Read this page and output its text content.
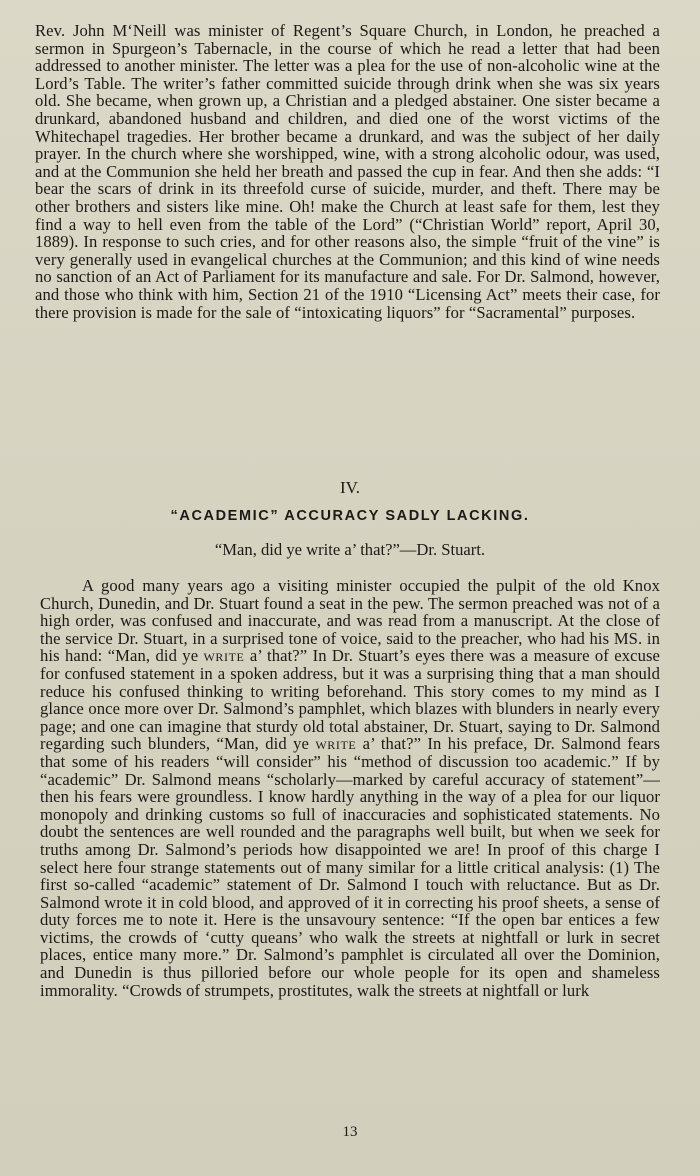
Rev. John M‘Neill was minister of Regent’s Square Church, in London, he preached a sermon in Spurgeon’s Tabernacle, in the course of which he read a letter that had been addressed to another minister. The letter was a plea for the use of non-alcoholic wine at the Lord’s Table. The writer’s father committed suicide through drink when she was six years old. She became, when grown up, a Christian and a pledged abstainer. One sister became a drunkard, abandoned husband and children, and died one of the worst victims of the Whitechapel tragedies. Her brother became a drunkard, and was the subject of her daily prayer. In the church where she worshipped, wine, with a strong alcoholic odour, was used, and at the Communion she held her breath and passed the cup in fear. And then she adds: “I bear the scars of drink in its threefold curse of suicide, murder, and theft. There may be other brothers and sisters like mine. Oh! make the Church at least safe for them, lest they find a way to hell even from the table of the Lord” (“Christian World” report, April 30, 1889). In response to such cries, and for other reasons also, the simple “fruit of the vine” is very generally used in evangelical churches at the Communion; and this kind of wine needs no sanction of an Act of Parliament for its manufacture and sale. For Dr. Salmond, however, and those who think with him, Section 21 of the 1910 “Licensing Act” meets their case, for there provision is made for the sale of “intoxicating liquors” for “Sacramental” purposes.

IV.

“ACADEMIC” ACCURACY SADLY LACKING.

“Man, did ye write a’ that?”—Dr. Stuart.

A good many years ago a visiting minister occupied the pulpit of the old Knox Church, Dunedin, and Dr. Stuart found a seat in the pew. The sermon preached was not of a high order, was confused and inaccurate, and was read from a manuscript. At the close of the service Dr. Stuart, in a surprised tone of voice, said to the preacher, who had his MS. in his hand: “Man, did ye write a’ that?” In Dr. Stuart’s eyes there was a measure of excuse for confused statement in a spoken address, but it was a surprising thing that a man should reduce his confused thinking to writing beforehand. This story comes to my mind as I glance once more over Dr. Salmond’s pamphlet, which blazes with blunders in nearly every page; and one can imagine that sturdy old total abstainer, Dr. Stuart, saying to Dr. Salmond regarding such blunders, “Man, did ye write a’ that?” In his preface, Dr. Salmond fears that some of his readers “will consider” his “method of discussion too academic.” If by “academic” Dr. Salmond means “scholarly—marked by careful accuracy of statement”—then his fears were groundless. I know hardly anything in the way of a plea for our liquor monopoly and drinking customs so full of inaccuracies and sophisticated statements. No doubt the sentences are well rounded and the paragraphs well built, but when we seek for truths among Dr. Salmond’s periods how disappointed we are! In proof of this charge I select here four strange statements out of many similar for a little critical analysis: (1) The first so-called “academic” statement of Dr. Salmond I touch with reluctance. But as Dr. Salmond wrote it in cold blood, and approved of it in correcting his proof sheets, a sense of duty forces me to note it. Here is the unsavoury sentence: “If the open bar entices a few victims, the crowds of ‘cutty queans’ who walk the streets at nightfall or lurk in secret places, entice many more.” Dr. Salmond’s pamphlet is circulated all over the Dominion, and Dunedin is thus pilloried before our whole people for its open and shameless immorality. “Crowds of strumpets, prostitutes, walk the streets at nightfall or lurk

13
